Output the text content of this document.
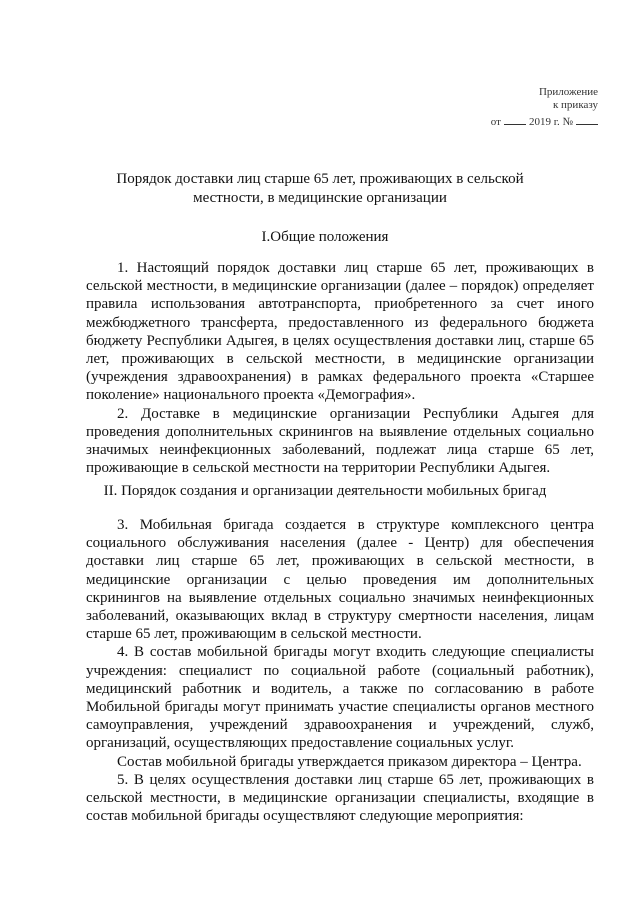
Приложение
к приказу
от	2019 г. №
Порядок доставки лиц старше 65 лет, проживающих в сельской местности, в медицинские организации
I.Общие положения

1. Настоящий порядок доставки лиц старше 65 лет, проживающих в сельской местности, в медицинские организации (далее – порядок) определяет правила использования автотранспорта, приобретенного за счет иного межбюджетного трансферта, предоставленного из федерального бюджета бюджету Республики Адыгея, в целях осуществления доставки лиц, старше 65 лет, проживающих в сельской местности, в медицинские организации (учреждения здравоохранения) в рамках федерального проекта «Старшее поколение» национального проекта «Демография».

2. Доставке в медицинские организации Республики Адыгея для проведения дополнительных скринингов на выявление отдельных социально значимых неинфекционных заболеваний, подлежат лица старше 65 лет, проживающие в сельской местности на территории Республики Адыгея.

II. Порядок создания и организации деятельности мобильных бригад

3. Мобильная бригада создается в структуре комплексного центра социального обслуживания населения (далее - Центр) для обеспечения доставки лиц старше 65 лет, проживающих в сельской местности, в медицинские организации с целью проведения им дополнительных скринингов на выявление отдельных социально значимых неинфекционных заболеваний, оказывающих вклад в структуру смертности населения, лицам старше 65 лет, проживающим в сельской местности.

4. В состав мобильной бригады могут входить следующие специалисты учреждения: специалист по социальной работе (социальный работник), медицинский работник и водитель, а также по согласованию в работе Мобильной бригады могут принимать участие специалисты органов местного самоуправления, учреждений здравоохранения и учреждений, служб, организаций, осуществляющих предоставление социальных услуг.

Состав мобильной бригады утверждается приказом директора – Центра.

5. В целях осуществления доставки лиц старше 65 лет, проживающих в сельской местности, в медицинские организации специалисты, входящие в состав мобильной бригады осуществляют следующие мероприятия:
